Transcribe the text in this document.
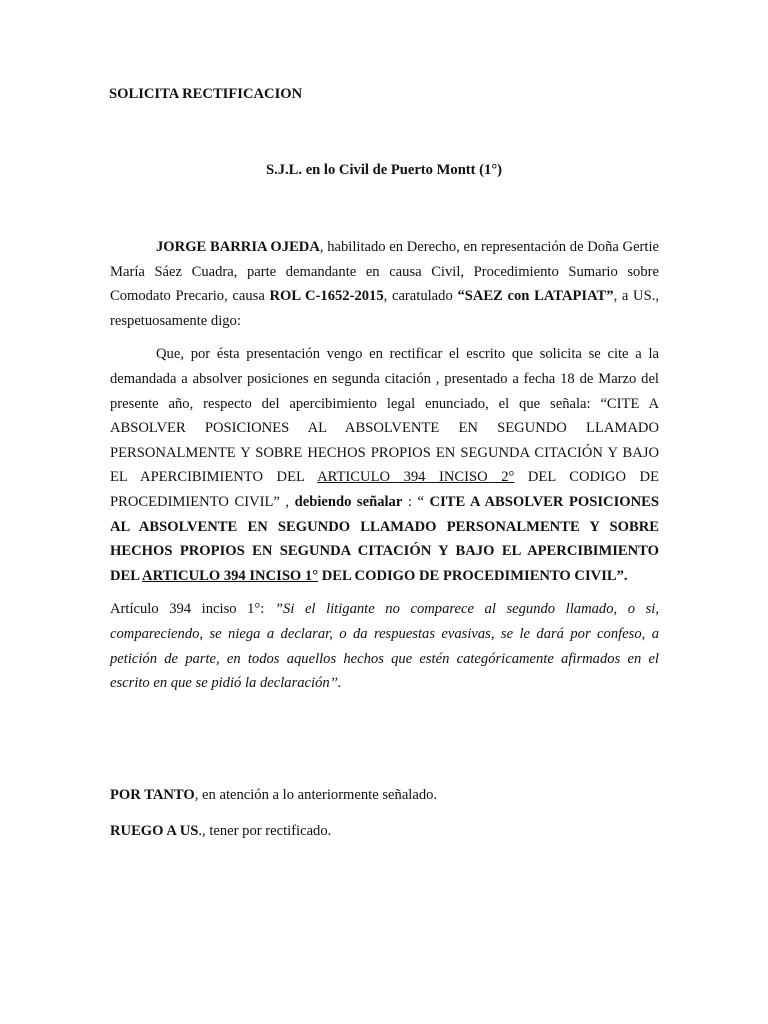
SOLICITA RECTIFICACION

S.J.L. en lo Civil de Puerto Montt (1°)

JORGE BARRIA OJEDA, habilitado en Derecho, en representación de Doña Gertie María Sáez Cuadra, parte demandante en causa Civil, Procedimiento Sumario sobre Comodato Precario, causa ROL C-1652-2015, caratulado “SAEZ con LATAPIAT”, a US., respetuosamente digo:

Que, por ésta presentación vengo en rectificar el escrito que solicita se cite a la demandada a absolver posiciones en segunda citación , presentado a fecha 18 de Marzo del presente año, respecto del apercibimiento legal enunciado, el que señala: “CITE A ABSOLVER POSICIONES AL ABSOLVENTE EN SEGUNDO LLAMADO PERSONALMENTE Y SOBRE HECHOS PROPIOS EN SEGUNDA CITACIÓN Y BAJO EL APERCIBIMIENTO DEL ARTICULO 394 INCISO 2° DEL CODIGO DE PROCEDIMIENTO CIVIL” , debiendo señalar : “ CITE A ABSOLVER POSICIONES AL ABSOLVENTE EN SEGUNDO LLAMADO PERSONALMENTE Y SOBRE HECHOS PROPIOS EN SEGUNDA CITACIÓN Y BAJO EL APERCIBIMIENTO DEL ARTICULO 394 INCISO 1° DEL CODIGO DE PROCEDIMIENTO CIVIL”.

Artículo 394 inciso 1°: ”Si el litigante no comparece al segundo llamado, o si, compareciendo, se niega a declarar, o da respuestas evasivas, se le dará por confeso, a petición de parte, en todos aquellos hechos que estén categóricamente afirmados en el escrito en que se pidió la declaración’’.

POR TANTO, en atención a lo anteriormente señalado.

RUEGO A US., tener por rectificado.
